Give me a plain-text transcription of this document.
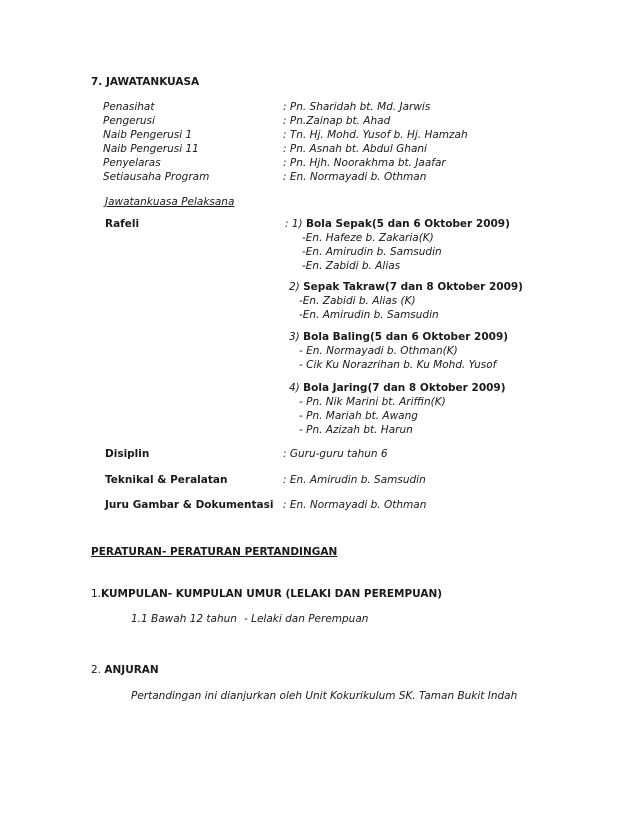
7. JAWATANKUASA
Penasihat	: Pn. Sharidah bt. Md. Jarwis
Pengerusi	: Pn.Zainap bt. Ahad
Naib Pengerusi 1	: Tn. Hj. Mohd. Yusof b. Hj. Hamzah
Naib Pengerusi 11	: Pn. Asnah bt. Abdul Ghani
Penyelaras	: Pn. Hjh. Noorakhma bt. Jaafar
Setiausaha Program	: En. Normayadi b. Othman
Jawatankuasa Pelaksana
Rafeli	: 1) Bola Sepak(5 dan 6 Oktober 2009)
-En. Hafeze b. Zakaria(K)
-En. Amirudin b. Samsudin
-En. Zabidi b. Alias
2) Sepak Takraw(7 dan 8 Oktober 2009)
-En. Zabidi b. Alias (K)
-En. Amirudin b. Samsudin
3) Bola Baling(5 dan 6 Oktober 2009)
- En. Normayadi b. Othman(K)
- Cik Ku Norazrihan b. Ku Mohd. Yusof
4) Bola Jaring(7 dan 8 Oktober 2009)
- Pn. Nik Marini bt. Ariffin(K)
- Pn. Mariah bt. Awang
- Pn. Azizah bt. Harun
Disiplin	: Guru-guru tahun 6
Teknikal & Peralatan	: En. Amirudin b. Samsudin
Juru Gambar & Dokumentasi : En. Normayadi b. Othman
PERATURAN- PERATURAN PERTANDINGAN
1.KUMPULAN- KUMPULAN UMUR (LELAKI DAN PEREMPUAN)
1.1 Bawah 12 tahun - Lelaki dan Perempuan
2. ANJURAN
Pertandingan ini dianjurkan oleh Unit Kokurikulum SK. Taman Bukit Indah
